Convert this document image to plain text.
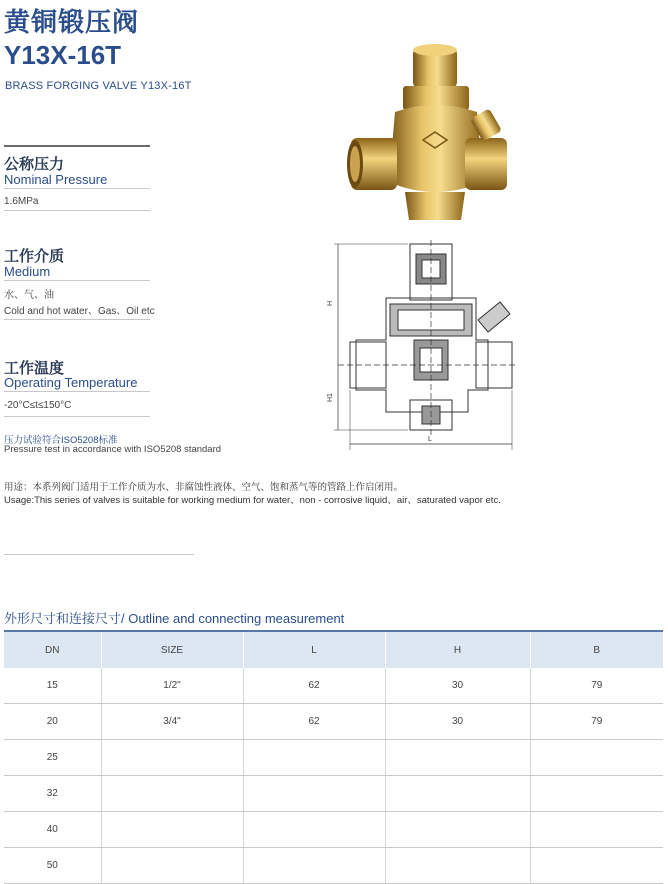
黄铜锻压阀
Y13X-16T
BRASS FORGING VALVE Y13X-16T
公称压力
Nominal Pressure
1.6MPa
工作介质
Medium
水、气、油
Cold and hot water、Gas、Oil etc
工作温度
Operating Temperature
-20°C≤t≤150°C
压力试验符合ISO5208标准
Pressure test in accordance with ISO5208 standard
H
H1
L
用途：本系列阀门适用于工作介质为水、非腐蚀性液体、空气、饱和蒸气等的管路上作启闭用。
Usage:This series of valves is suitable for working medium for water、non - corrosive liquid、air、saturated vapor etc.
外形尺寸和连接尺寸/ Outline and connecting measurement
DN	SIZE	L	H	B
15	1/2"	62	30	79
20	3/4"	62	30	79
25				
32				
40				
50				
